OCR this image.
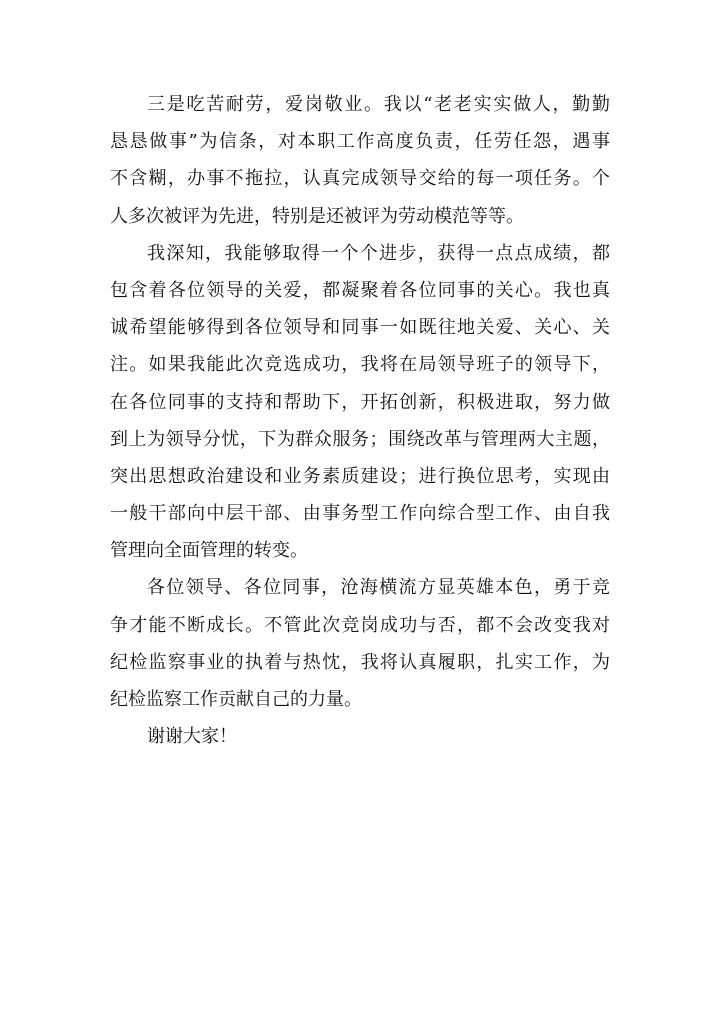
三是吃苦耐劳，爱岗敬业。我以“老老实实做人，勤勤
恳恳做事”为信条，对本职工作高度负责，任劳任怨，遇事
不含糊，办事不拖拉，认真完成领导交给的每一项任务。个
人多次被评为先进，特别是还被评为劳动模范等等。
我深知，我能够取得一个个进步，获得一点点成绩，都
包含着各位领导的关爱，都凝聚着各位同事的关心。我也真
诚希望能够得到各位领导和同事一如既往地关爱、关心、关
注。如果我能此次竞选成功，我将在局领导班子的领导下，
在各位同事的支持和帮助下，开拓创新，积极进取，努力做
到上为领导分忧，下为群众服务；围绕改革与管理两大主题，
突出思想政治建设和业务素质建设；进行换位思考，实现由
一般干部向中层干部、由事务型工作向综合型工作、由自我
管理向全面管理的转变。
各位领导、各位同事，沧海横流方显英雄本色，勇于竞
争才能不断成长。不管此次竞岗成功与否，都不会改变我对
纪检监察事业的执着与热忱，我将认真履职，扎实工作，为
纪检监察工作贡献自己的力量。
谢谢大家！
